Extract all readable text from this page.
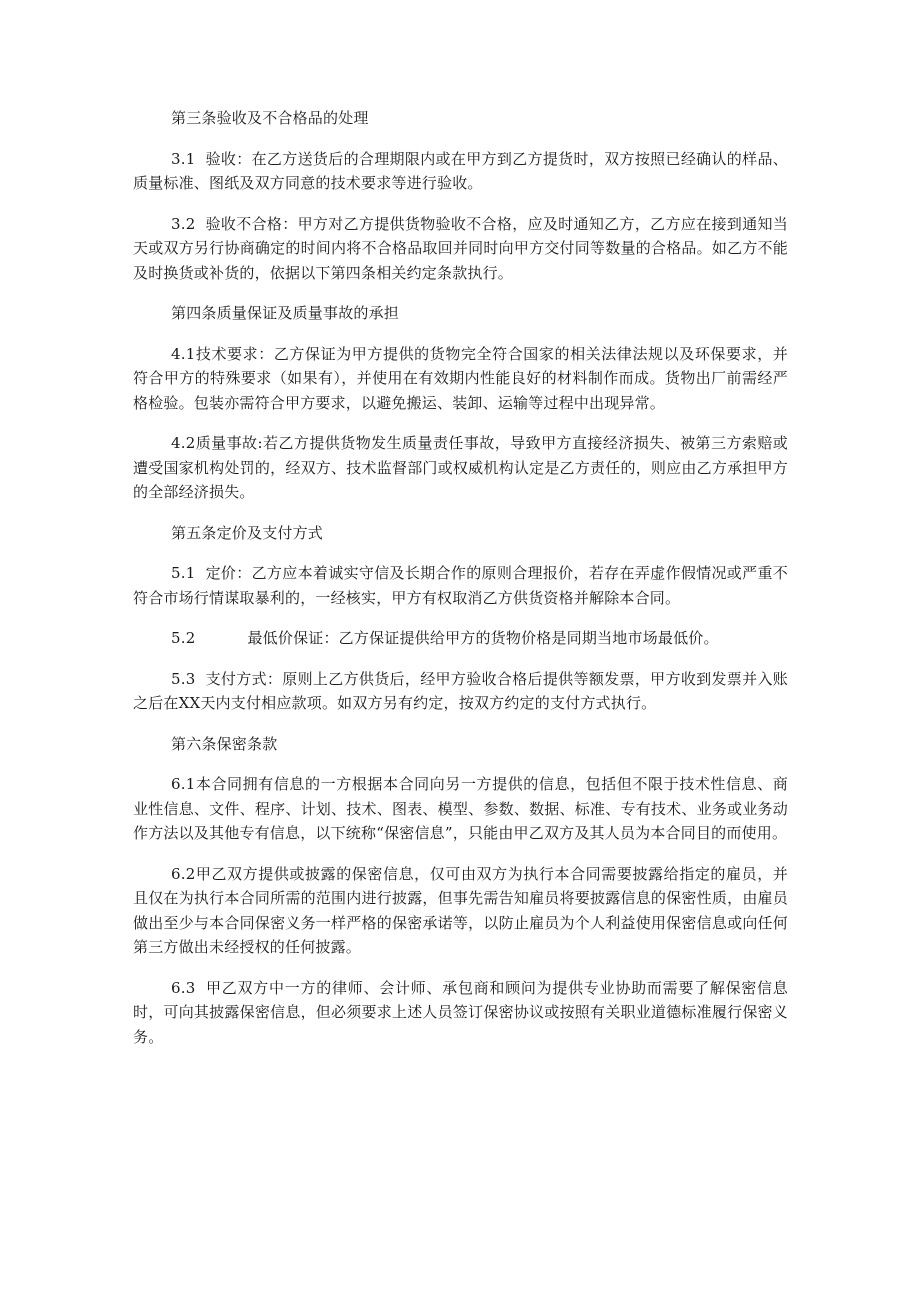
第三条验收及不合格品的处理

3.1 验收：在乙方送货后的合理期限内或在甲方到乙方提货时，双方按照已经确认的样品、质量标准、图纸及双方同意的技术要求等进行验收。

3.2 验收不合格：甲方对乙方提供货物验收不合格，应及时通知乙方，乙方应在接到通知当天或双方另行协商确定的时间内将不合格品取回并同时向甲方交付同等数量的合格品。如乙方不能及时换货或补货的，依据以下第四条相关约定条款执行。

第四条质量保证及质量事故的承担

4.1技术要求：乙方保证为甲方提供的货物完全符合国家的相关法律法规以及环保要求，并符合甲方的特殊要求（如果有），并使用在有效期内性能良好的材料制作而成。货物出厂前需经严格检验。包装亦需符合甲方要求，以避免搬运、装卸、运输等过程中出现异常。

4.2质量事故:若乙方提供货物发生质量责任事故，导致甲方直接经济损失、被第三方索赔或遭受国家机构处罚的，经双方、技术监督部门或权威机构认定是乙方责任的，则应由乙方承担甲方的全部经济损失。

第五条定价及支付方式

5.1 定价：乙方应本着诚实守信及长期合作的原则合理报价，若存在弄虚作假情况或严重不符合市场行情谋取暴利的，一经核实，甲方有权取消乙方供货资格并解除本合同。

5.2	最低价保证：乙方保证提供给甲方的货物价格是同期当地市场最低价。

5.3 支付方式：原则上乙方供货后，经甲方验收合格后提供等额发票，甲方收到发票并入账之后在XX天内支付相应款项。如双方另有约定，按双方约定的支付方式执行。

第六条保密条款

6.1本合同拥有信息的一方根据本合同向另一方提供的信息，包括但不限于技术性信息、商业性信息、文件、程序、计划、技术、图表、模型、参数、数据、标准、专有技术、业务或业务动作方法以及其他专有信息，以下统称“保密信息”，只能由甲乙双方及其人员为本合同目的而使用。

6.2甲乙双方提供或披露的保密信息，仅可由双方为执行本合同需要披露给指定的雇员，并且仅在为执行本合同所需的范围内进行披露，但事先需告知雇员将要披露信息的保密性质，由雇员做出至少与本合同保密义务一样严格的保密承诺等，以防止雇员为个人利益使用保密信息或向任何第三方做出未经授权的任何披露。

6.3 甲乙双方中一方的律师、会计师、承包商和顾问为提供专业协助而需要了解保密信息时，可向其披露保密信息，但必须要求上述人员签订保密协议或按照有关职业道德标准履行保密义务。
